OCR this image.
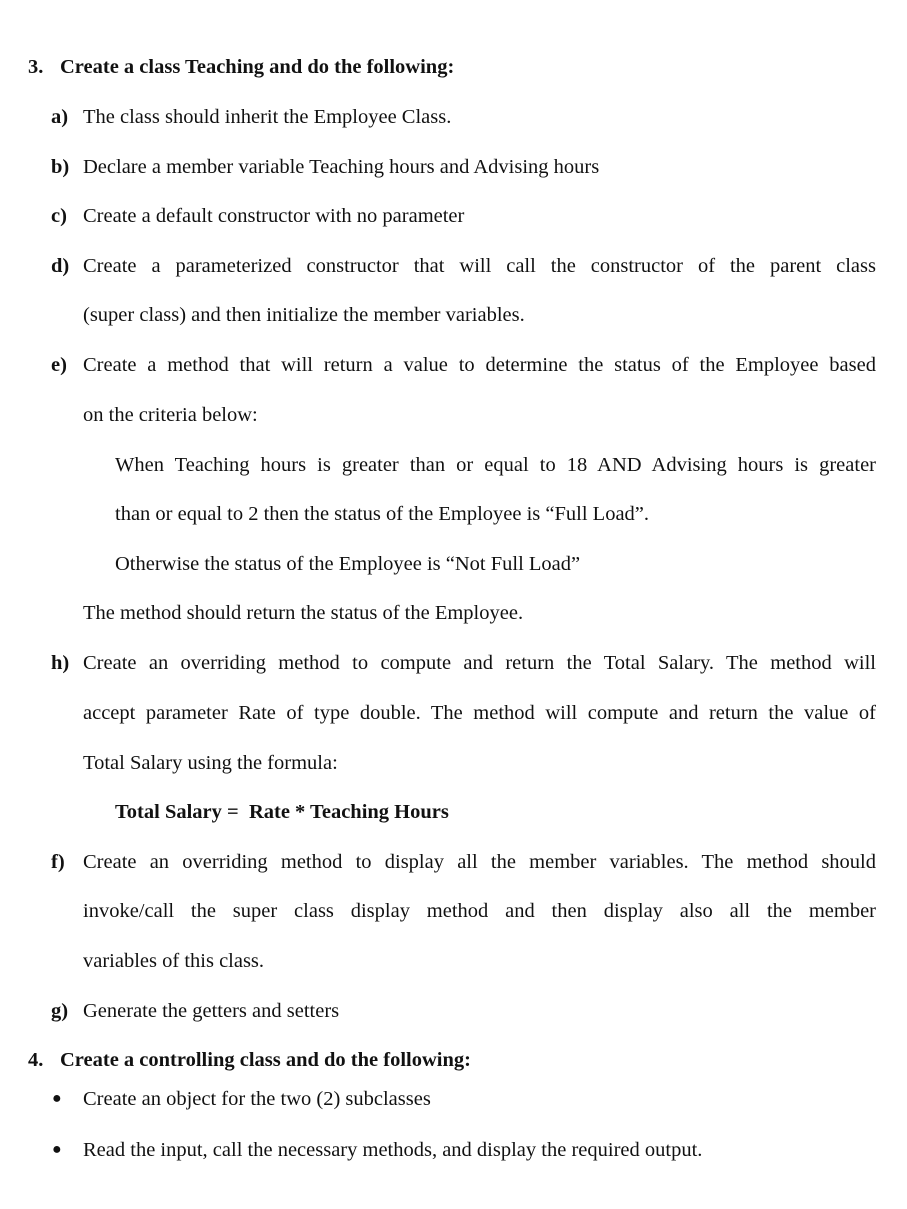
3. Create a class Teaching and do the following:
a) The class should inherit the Employee Class.
b) Declare a member variable Teaching hours and Advising hours
c) Create a default constructor with no parameter
d) Create a parameterized constructor that will call the constructor of the parent class
(super class) and then initialize the member variables.
e) Create a method that will return a value to determine the status of the Employee based
on the criteria below:
When Teaching hours is greater than or equal to 18 AND Advising hours is greater
than or equal to 2 then the status of the Employee is “Full Load”.
Otherwise the status of the Employee is “Not Full Load”
The method should return the status of the Employee.
h) Create an overriding method to compute and return the Total Salary. The method will
accept parameter Rate of type double. The method will compute and return the value of
Total Salary using the formula:
Total Salary =  Rate * Teaching Hours
f) Create an overriding method to display all the member variables. The method should
invoke/call the super class display method and then display also all the member
variables of this class.
g) Generate the getters and setters
4. Create a controlling class and do the following:
● Create an object for the two (2) subclasses
● Read the input, call the necessary methods, and display the required output.
